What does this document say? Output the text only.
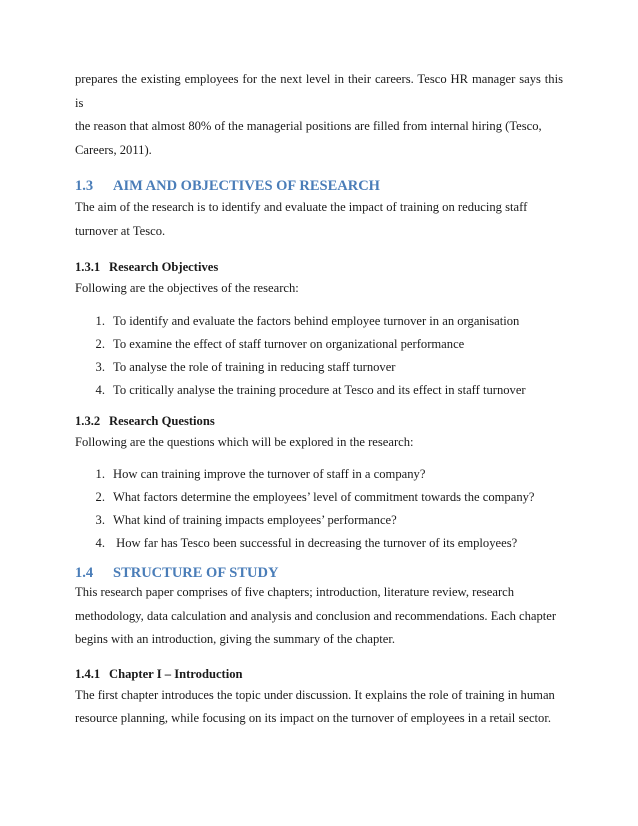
prepares the existing employees for the next level in their careers. Tesco HR manager says this is
the reason that almost 80% of the managerial positions are filled from internal hiring (Tesco,
Careers, 2011).
1.3	AIM AND OBJECTIVES OF RESEARCH
The aim of the research is to identify and evaluate the impact of training on reducing staff
turnover at Tesco.
1.3.1 Research Objectives
Following are the objectives of the research:
1. To identify and evaluate the factors behind employee turnover in an organisation
2. To examine the effect of staff turnover on organizational performance
3. To analyse the role of training in reducing staff turnover
4. To critically analyse the training procedure at Tesco and its effect in staff turnover
1.3.2 Research Questions
Following are the questions which will be explored in the research:
1. How can training improve the turnover of staff in a company?
2. What factors determine the employees’ level of commitment towards the company?
3. What kind of training impacts employees’ performance?
4. How far has Tesco been successful in decreasing the turnover of its employees?
1.4	STRUCTURE OF STUDY
This research paper comprises of five chapters; introduction, literature review, research
methodology, data calculation and analysis and conclusion and recommendations. Each chapter
begins with an introduction, giving the summary of the chapter.
1.4.1 Chapter I – Introduction
The first chapter introduces the topic under discussion. It explains the role of training in human
resource planning, while focusing on its impact on the turnover of employees in a retail sector.
